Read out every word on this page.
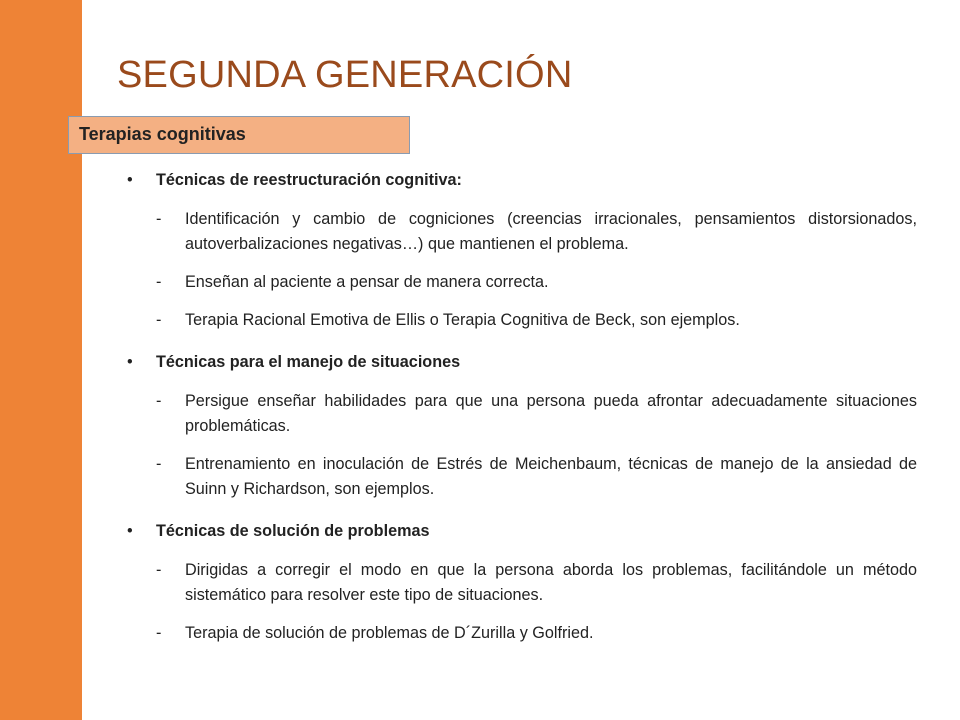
SEGUNDA GENERACIÓN
Terapias cognitivas
• Técnicas de reestructuración cognitiva:
- Identificación y cambio de cogniciones (creencias irracionales, pensamientos distorsionados, autoverbalizaciones negativas…) que mantienen el problema.
- Enseñan al paciente a pensar de manera correcta.
- Terapia Racional Emotiva de Ellis o Terapia Cognitiva de Beck, son ejemplos.
• Técnicas para el manejo de situaciones
- Persigue enseñar habilidades para que una persona pueda afrontar adecuadamente situaciones problemáticas.
- Entrenamiento en inoculación de Estrés de Meichenbaum, técnicas de manejo de la ansiedad de Suinn y Richardson, son ejemplos.
• Técnicas de solución de problemas
- Dirigidas a corregir el modo en que la persona aborda los problemas, facilitándole un método sistemático para resolver este tipo de situaciones.
- Terapia de solución de problemas de D´Zurilla y Golfried.
